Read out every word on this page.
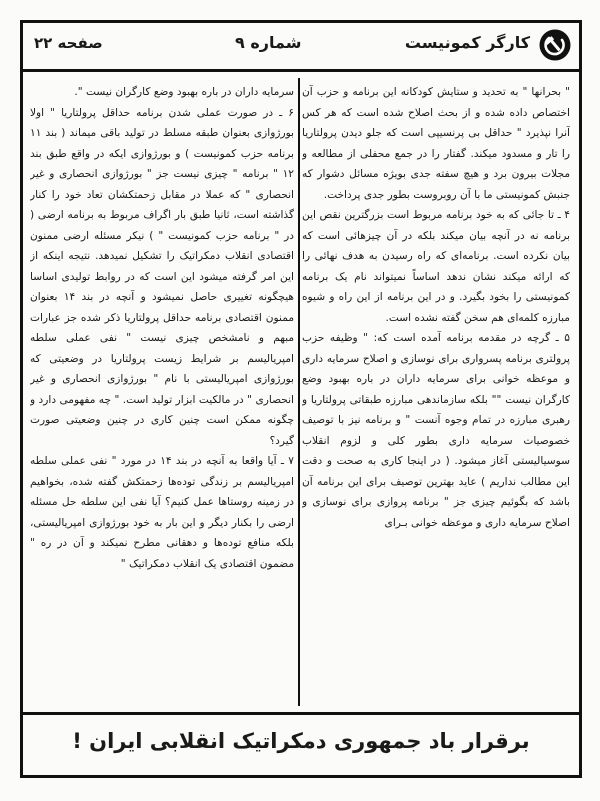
کارگر کمونیست
شماره ۹
صفحه ۲۲

" بحرانها " به تحدید و ستایش کودکانه این برنامه و حزب آن اختصاص داده شده و از بحث اصلاح شده است که هر کس آنرا نپذیرد " حداقل بی پرنسیپی است که جلو دیدن پرولتاریا را تار و مسدود میکند. گفتار را در جمع محفلی از مطالعه و مجلات بیرون برد و هیچ سفته جدی بویژه مسائل دشوار که جنبش کمونیستی ما با آن روبروست بطور جدی پرداخت.

۴ ـ تا جائی که به خود برنامه مربوط است بزرگترین نقص این برنامه نه در آنچه بیان میکند بلکه در آن چیزهائی است که بیان نکرده است. برنامه‌ای که راه رسیدن به هدف نهائی را که ارائه میکند نشان ندهد اساساً نمیتواند نام یک برنامه کمونیستی را بخود بگیرد. و در این برنامه از این راه و شیوه مبارزه کلمه‌ای هم سخن گفته نشده است.

۵ ـ گرچه در مقدمه برنامه آمده است که: " وظیفه حزب پرولتری برنامه پسرواری برای نوسازی و اصلاح سرمایه داری و موعظه خوانی برای سرمایه داران در باره بهبود وضع کارگران نیست "" بلکه سازماندهی مبارزه طبقاتی پرولتاریا و رهبری مبارزه در تمام وجوه آنست " و برنامه نیز با توصیف خصوصیات سرمایه داری بطور کلی و لزوم انقلاب سوسیالیستی آغاز میشود. ( در اینجا کاری به صحت و دقت این مطالب نداریم ) عاید بهترین توصیف برای این برنامه آن باشد که بگوئیم چیزی جز " برنامه پروازی برای نوسازی و اصلاح سرمایه داری و موعظه خوانی بـرای

سرمایه داران در باره بهبود وضع کارگران نیست ".

۶ ـ در صورت عملی شدن برنامه حداقل پرولتاریا " اولا بورژوازی بعنوان طبقه مسلط در تولید باقی میماند ( بند ۱۱ برنامه حزب کمونیست ) و بورژوازی ایکه در واقع طبق بند ۱۲ " برنامه " چیزی نیست جز " بورژوازی انحصاری و غیر انحصاری " که عملا در مقابل زحمتکشان تعاد خود را کنار گذاشته است، ثانیا طبق بار اگراف مربوط به برنامه ارضی ( در " برنامه حزب کمونیست " ) نیکر مسئله ارضی ممنون اقتصادی انقلاب دمکراتیک را تشکیل نمیدهد. نتیجه اینکه از این امر گرفته میشود این است که در روابط تولیدی اساسا هیچگونه تغییری حاصل نمیشود و آنچه در بند ۱۴ بعنوان ممنون اقتصادی برنامه حداقل پرولتاریا ذکر شده جز عبارات مبهم و نامشخص چیزی نیست " نفی عملی سلطه امپریالیسم بر شرایط زیست پرولتاریا در وضعیتی که بورژوازی امپریالیستی با نام " بورژوازی انحصاری و غیر انحصاری " در مالکیت ابزار تولید است. " چه مفهومی دارد و چگونه ممکن است چنین کاری در چنین وضعیتی صورت گیرد؟

۷ ـ آیا واقعا به آنچه در بند ۱۴ در مورد " نفی عملی سلطه امپریالیسم بر زندگی توده‌ها زحمتکش گفته شده، بخواهیم در زمینه روستاها عمل کنیم؟ آیا نفی این سلطه حل مسئله ارضی را بکنار دیگر و این بار به خود بورژوازی امپریالیستی، بلکه منافع توده‌ها و دهقانی مطرح نمیکند و آن در ره " مضمون اقتصادی یک انقلاب دمکراتیک "

برقرار باد جمهوری دمکراتیک انقلابی ایران !
